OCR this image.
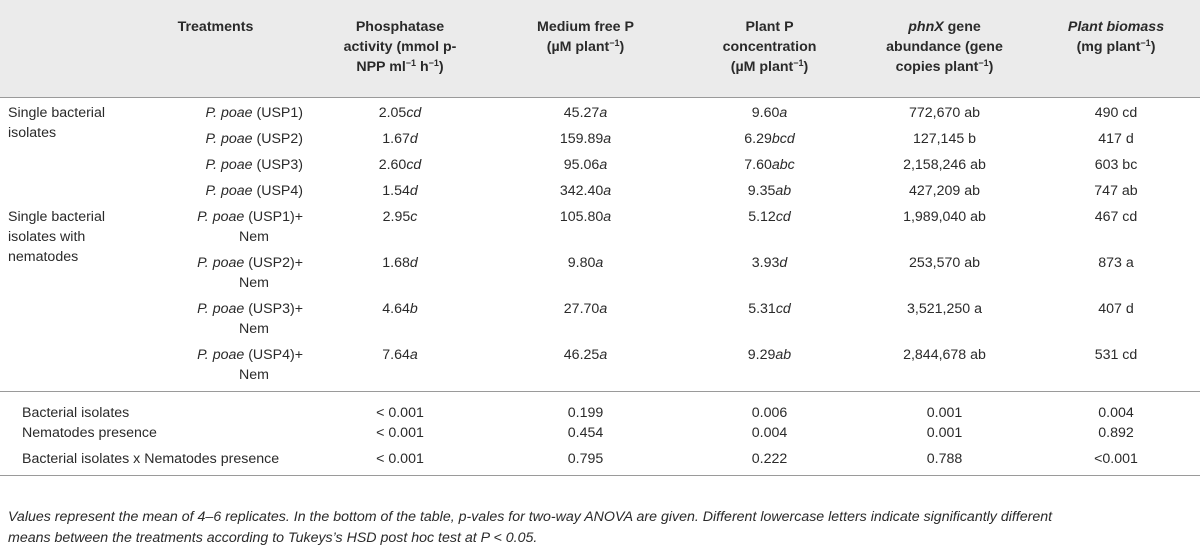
	Treatments	Phosphatase
activity (mmol p-
NPP $ml^{-1}$ $h^{-1}$)	Medium free P
(µM plant$^{-1}$)	Plant P
concentration
(µM plant$^{-1}$)	phnX gene
abundance (gene
copies plant$^{-1}$)	Plant biomass
(mg plant$^{-1}$)
Single bacterial
isolates	P. poae (USP1)	2.05cd	45.27a	9.60a	772,670 ab	490 cd
	P. poae (USP2)	1.67d	159.89a	6.29bcd	127,145 b	417 d
	P. poae (USP3)	2.60cd	95.06a	7.60abc	2,158,246 ab	603 bc
	P. poae (USP4)	1.54d	342.40a	9.35ab	427,209 ab	747 ab
Single bacterial
isolates with
nematodes	P. poae (USP1)+
Nem	2.95c	105.80a	5.12cd	1,989,040 ab	467 cd
	P. poae (USP2)+
Nem	1.68d	9.80a	3.93d	253,570 ab	873 a
	P. poae (USP3)+
Nem	4.64b	27.70a	5.31cd	3,521,250 a	407 d
	P. poae (USP4)+
Nem	7.64a	46.25a	9.29ab	2,844,678 ab	531 cd
Bacterial isolates		< 0.001	0.199	0.006	0.001	0.004
Nematodes presence		< 0.001	0.454	0.004	0.001	0.892
Bacterial isolates x Nematodes presence		< 0.001	0.795	0.222	0.788	<0.001
Values represent the mean of 4–6 replicates. In the bottom of the table, p-vales for two-way ANOVA are given. Different lowercase letters indicate significantly different
means between the treatments according to Tukeys’s HSD post hoc test at P < 0.05.
